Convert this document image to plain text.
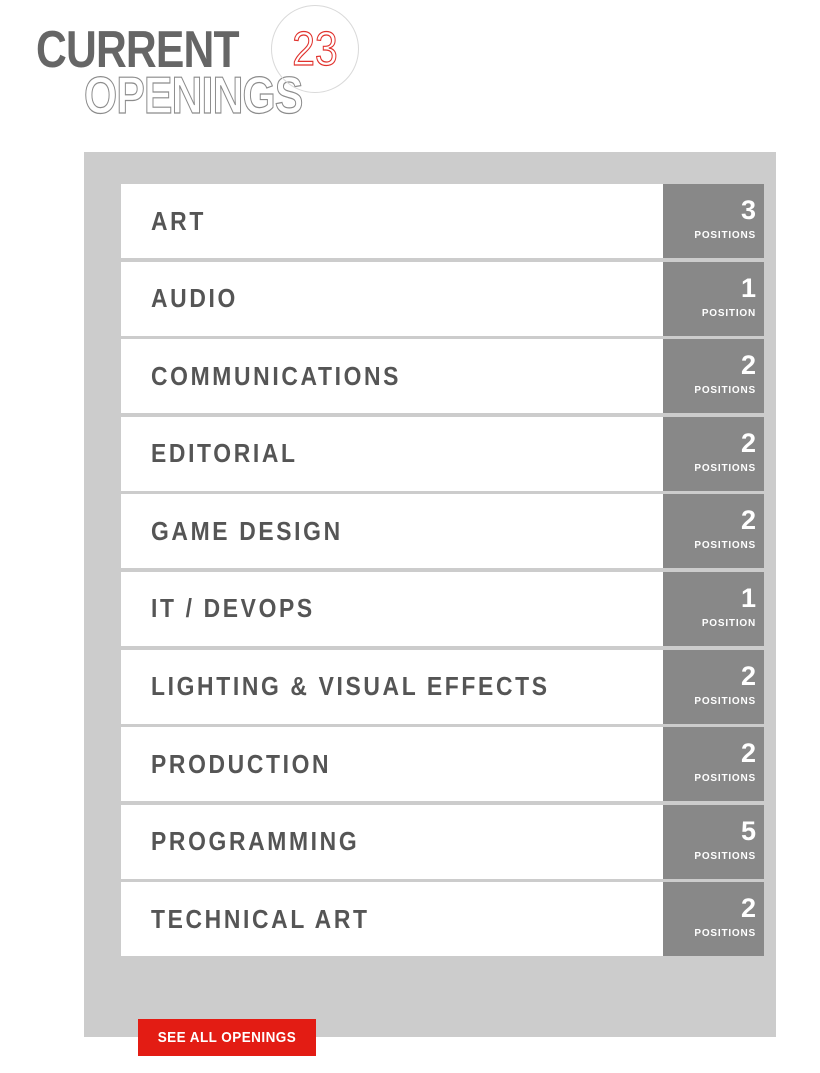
CURRENT
OPENINGS
23
ART	3
POSITIONS
AUDIO	1
POSITION
COMMUNICATIONS	2
POSITIONS
EDITORIAL	2
POSITIONS
GAME DESIGN	2
POSITIONS
IT / DEVOPS	1
POSITION
LIGHTING & VISUAL EFFECTS	2
POSITIONS
PRODUCTION	2
POSITIONS
PROGRAMMING	5
POSITIONS
TECHNICAL ART	2
POSITIONS
SEE ALL OPENINGS
